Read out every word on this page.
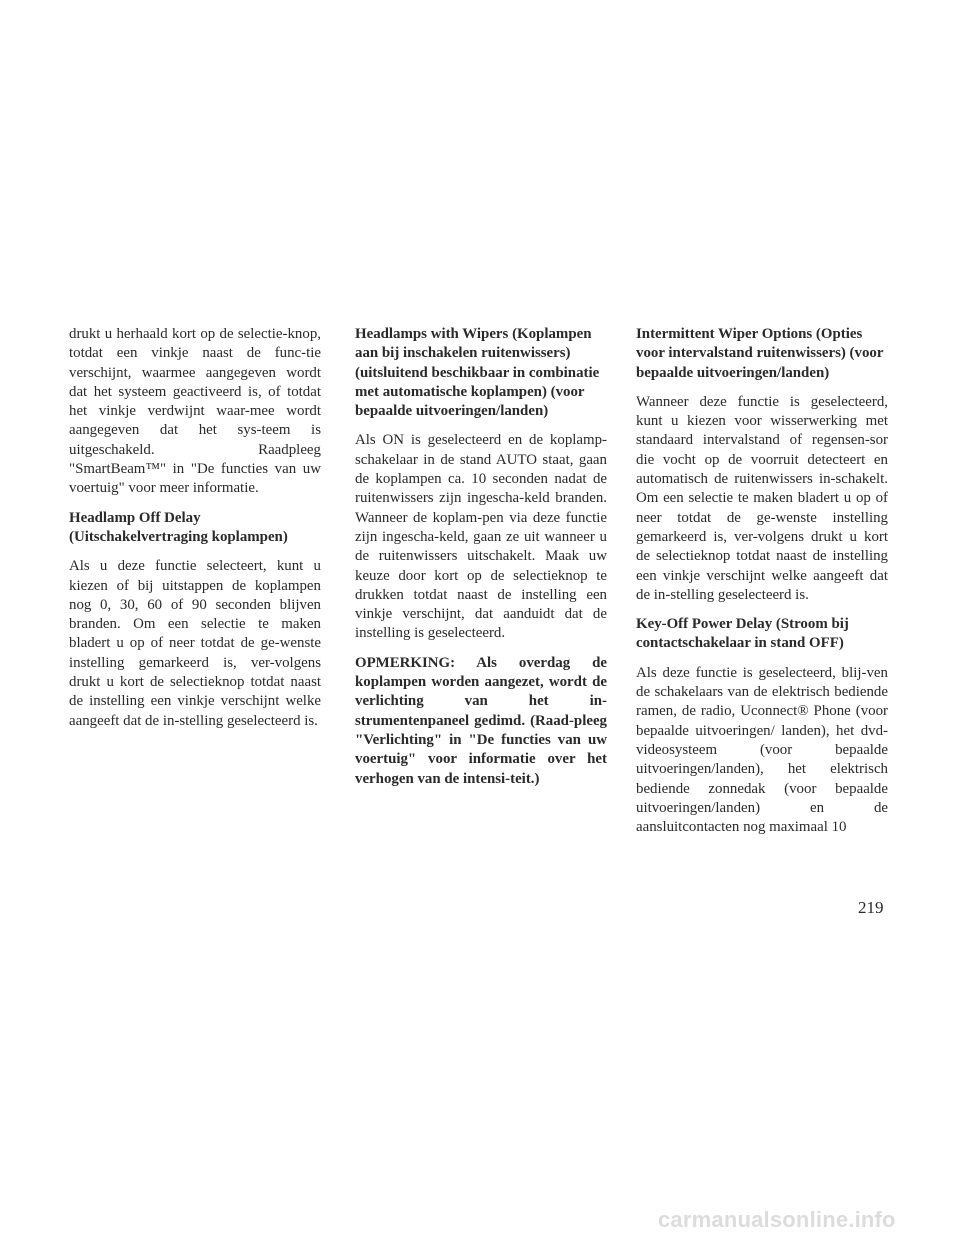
drukt u herhaald kort op de selectie-knop, totdat een vinkje naast de func-tie verschijnt, waarmee aangegeven wordt dat het systeem geactiveerd is, of totdat het vinkje verdwijnt waar-mee wordt aangegeven dat het sys-teem is uitgeschakeld. Raadpleeg "SmartBeam™" in "De functies van uw voertuig" voor meer informatie.

Headlamp Off Delay (Uitschakelvertraging koplampen)

Als u deze functie selecteert, kunt u kiezen of bij uitstappen de koplampen nog 0, 30, 60 of 90 seconden blijven branden. Om een selectie te maken bladert u op of neer totdat de ge-wenste instelling gemarkeerd is, ver-volgens drukt u kort de selectieknop totdat naast de instelling een vinkje verschijnt welke aangeeft dat de in-stelling geselecteerd is.

Headlamps with Wipers (Koplampen aan bij inschakelen ruitenwissers) (uitsluitend beschikbaar in combinatie met automatische koplampen) (voor bepaalde uitvoeringen/landen)

Als ON is geselecteerd en de koplamp-schakelaar in de stand AUTO staat, gaan de koplampen ca. 10 seconden nadat de ruitenwissers zijn ingescha-keld branden. Wanneer de koplam-pen via deze functie zijn ingescha-keld, gaan ze uit wanneer u de ruitenwissers uitschakelt. Maak uw keuze door kort op de selectieknop te drukken totdat naast de instelling een vinkje verschijnt, dat aanduidt dat de instelling is geselecteerd.

OPMERKING: Als overdag de koplampen worden aangezet, wordt de verlichting van het in-strumentenpaneel gedimd. (Raad-pleeg "Verlichting" in "De functies van uw voertuig" voor informatie over het verhogen van de intensi-teit.)

Intermittent Wiper Options (Opties voor intervalstand ruitenwissers) (voor bepaalde uitvoeringen/landen)

Wanneer deze functie is geselecteerd, kunt u kiezen voor wisserwerking met standaard intervalstand of regensen-sor die vocht op de voorruit detecteert en automatisch de ruitenwissers in-schakelt. Om een selectie te maken bladert u op of neer totdat de ge-wenste instelling gemarkeerd is, ver-volgens drukt u kort de selectieknop totdat naast de instelling een vinkje verschijnt welke aangeeft dat de in-stelling geselecteerd is.

Key-Off Power Delay (Stroom bij contactschakelaar in stand OFF)

Als deze functie is geselecteerd, blij-ven de schakelaars van de elektrisch bediende ramen, de radio, Uconnect® Phone (voor bepaalde uitvoeringen/ landen), het dvd-videosysteem (voor bepaalde uitvoeringen/landen), het elektrisch bediende zonnedak (voor bepaalde uitvoeringen/landen) en de aansluitcontacten nog maximaal 10

219
carmanualsonline.info
